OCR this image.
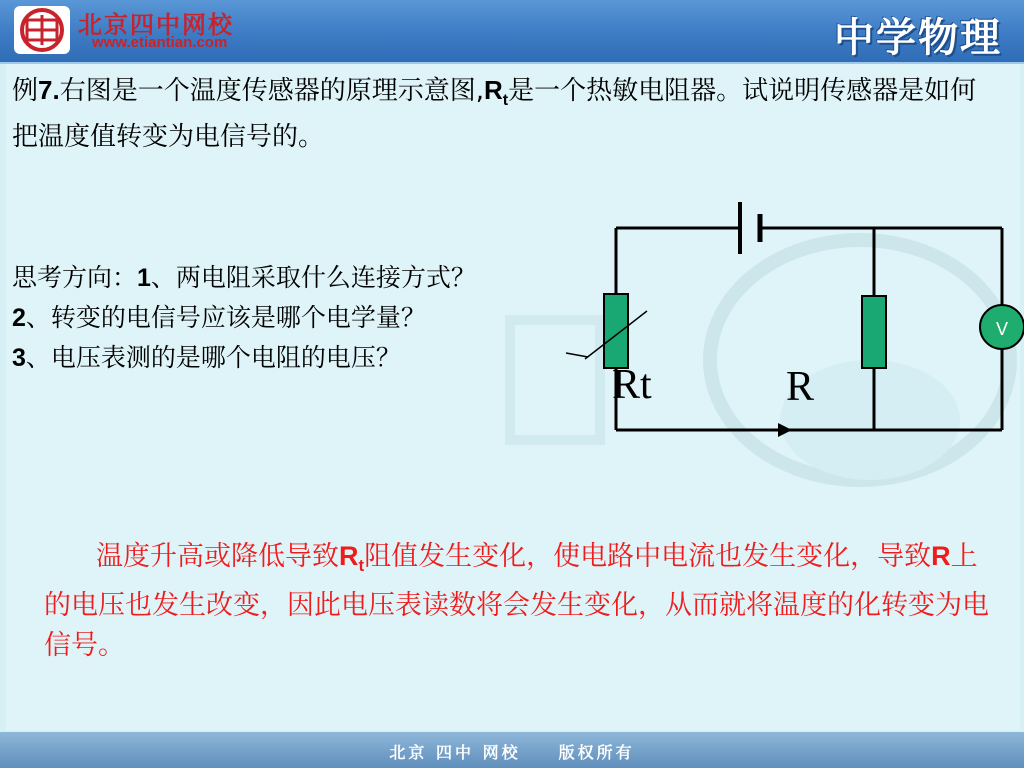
北京四中网校
www.etiantian.com	中学物理
例7.右图是一个温度传感器的原理示意图$,R_t$是一个热敏电阻器。试说明传感器是如何把温度值转变为电信号的。
思考方向：1、两电阻采取什么连接方式？
2、转变的电信号应该是哪个电学量？
3、电压表测的是哪个电阻的电压？
V
Rt	R
温度升高或降低导致$R_t$阻值发生变化，使电路中电流也发生变化，导致R上的电压也发生改变，因此电压表读数将会发生变化，从而就将温度的化转变为电信号。
北京 四中 网校　　版权所有
